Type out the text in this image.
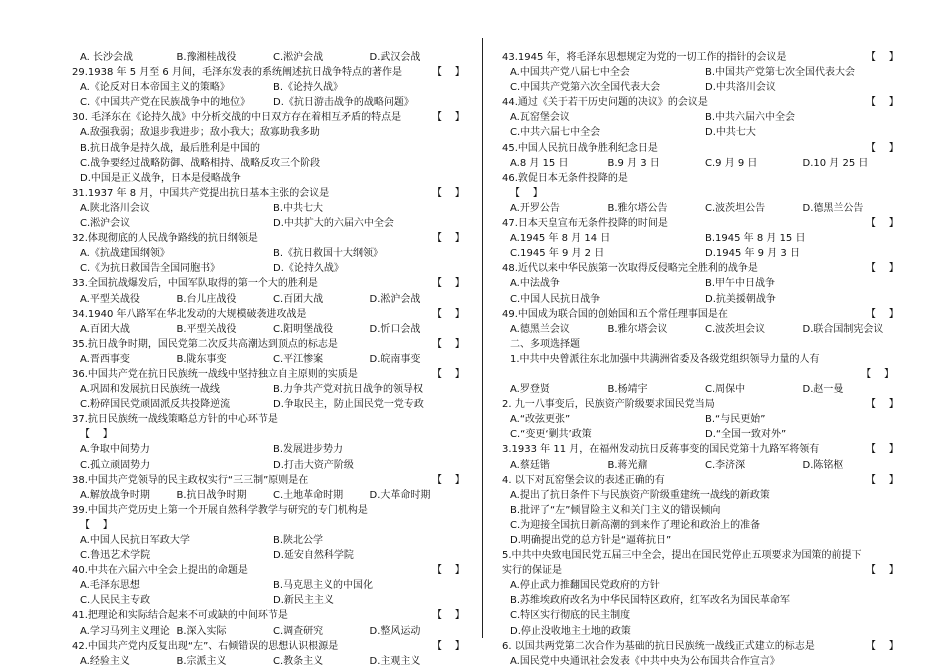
A. 长沙会战	B.豫湘桂战役	C.淞沪会战	D.武汉会战
29.1938 年 5 月至 6 月间，毛泽东发表的系统阐述抗日战争特点的著作是	【    】
A.《论反对日本帝国主义的策略》	B.《论持久战》
C.《中国共产党在民族战争中的地位》	D.《抗日游击战争的战略问题》
30. 毛泽东在《论持久战》中分析交战的中日双方存在着相互矛盾的特点是	【    】
A.敌强我弱；敌退步我进步；敌小我大；敌寡助我多助
B.抗日战争是持久战，最后胜利是中国的
C.战争要经过战略防御、战略相持、战略反攻三个阶段
D.中国是正义战争，日本是侵略战争
31.1937 年 8 月，中国共产党提出抗日基本主张的会议是	【    】
A.陕北洛川会议	B.中共七大
C.淞沪会议	D.中共扩大的六届六中全会
32.体现彻底的人民战争路线的抗日纲领是	【    】
A.《抗战建国纲领》	B.《抗日救国十大纲领》
C.《为抗日救国告全国同胞书》	D.《论持久战》
33.全国抗战爆发后，中国军队取得的第一个大的胜利是	【    】
A.平型关战役	B.台儿庄战役	C.百团大战	D.淞沪会战
34.1940 年八路军在华北发动的大规模破袭进攻战是	【    】
A.百团大战	B.平型关战役	C.阳明堡战役	D.忻口会战
35.抗日战争时期，国民党第二次反共高潮达到顶点的标志是	【    】
A.晋西事变	B.陇东事变	C.平江惨案	D.皖南事变
36.中国共产党在抗日民族统一战线中坚持独立自主原则的实质是	【    】
A.巩固和发展抗日民族统一战线	B.力争共产党对抗日战争的领导权
C.粉碎国民党顽固派反共投降逆流	D.争取民主，防止国民党一党专政
37.抗日民族统一战线策略总方针的中心环节是
【    】
A.争取中间势力	B.发展进步势力
C.孤立顽固势力	D.打击大资产阶级
38.中国共产党领导的民主政权实行“三三制”原则是在	【    】
A.解放战争时期	B.抗日战争时期	C.土地革命时期	D.大革命时期
39.中国共产党历史上第一个开展自然科学教学与研究的专门机构是
【    】
A.中国人民抗日军政大学	B.陕北公学
C.鲁迅艺术学院	D.延安自然科学院
40.中共在六届六中全会上提出的命题是	【    】
A.毛泽东思想	B.马克思主义的中国化
C.人民民主专政	D.新民主主义
41.把理论和实际结合起来不可或缺的中间环节是	【    】
A.学习马列主义理论 B.深入实际	C.调查研究	D.整风运动
42.中国共产党内反复出现“左”、右倾错误的思想认识根源是	【    】
A.经验主义	B.宗派主义	C.教条主义	D.主观主义
43.1945 年，将毛泽东思想规定为党的一切工作的指针的会议是	【    】
A.中国共产党八届七中全会	B.中国共产党第七次全国代表大会
C.中国共产党第六次全国代表大会	D.中共洛川会议
44.通过《关于若干历史问题的决议》的会议是	【    】
A.瓦窑堡会议	B.中共六届六中全会
C.中共六届七中全会	D.中共七大
45.中国人民抗日战争胜利纪念日是	【    】
A.8 月 15 日	B.9 月 3 日	C.9 月 9 日	D.10 月 25 日
46.敦促日本无条件投降的是
【    】
A.开罗公告	B.雅尔塔公告	C.波茨坦公告	D.德黑兰公告
47.日本天皇宣布无条件投降的时间是	【    】
A.1945 年 8 月 14 日	B.1945 年 8 月 15 日
C.1945 年 9 月 2 日	D.1945 年 9 月 3 日
48.近代以来中华民族第一次取得反侵略完全胜利的战争是	【    】
A.中法战争	B.甲午中日战争
C.中国人民抗日战争	D.抗美援朝战争
49.中国成为联合国的创始国和五个常任理事国是在	【    】
A.德黑兰会议	B.雅尔塔会议	C.波茨坦会议	D.联合国制宪会议
二、多项选择题
1.中共中央曾派往东北加强中共满洲省委及各级党组织领导力量的人有
【    】
A.罗登贤	B.杨靖宇	C.周保中	D.赵一曼
2. 九一八事变后，民族资产阶级要求国民党当局	【    】
A.“改弦更张”	B.“与民更始”
C.“变更‘剿共’政策	D.“全国一致对外”
3.1933 年 11 月，在福州发动抗日反蒋事变的国民党第十九路军将领有	【    】
A.蔡廷锴	B.蒋光鼐	C.李济深	D.陈铭枢
4. 以下对瓦窑堡会议的表述正确的有	【    】
A.提出了抗日条件下与民族资产阶级重建统一战线的新政策
B.批评了“左”倾冒险主义和关门主义的错误倾向
C.为迎接全国抗日新高潮的到来作了理论和政治上的准备
D.明确提出党的总方针是“逼蒋抗日”
5.中共中央致电国民党五届三中全会，提出在国民党停止五项要求为国策的前提下
实行的保证是	【    】
A.停止武力推翻国民党政府的方针
B.苏维埃政府改名为中华民国特区政府，红军改名为国民革命军
C.特区实行彻底的民主制度
D.停止没收地主土地的政策
6. 以国共两党第二次合作为基础的抗日民族统一战线正式建立的标志是	【    】
A.国民党中央通讯社会发表《中共中央为公布国共合作宣言》
